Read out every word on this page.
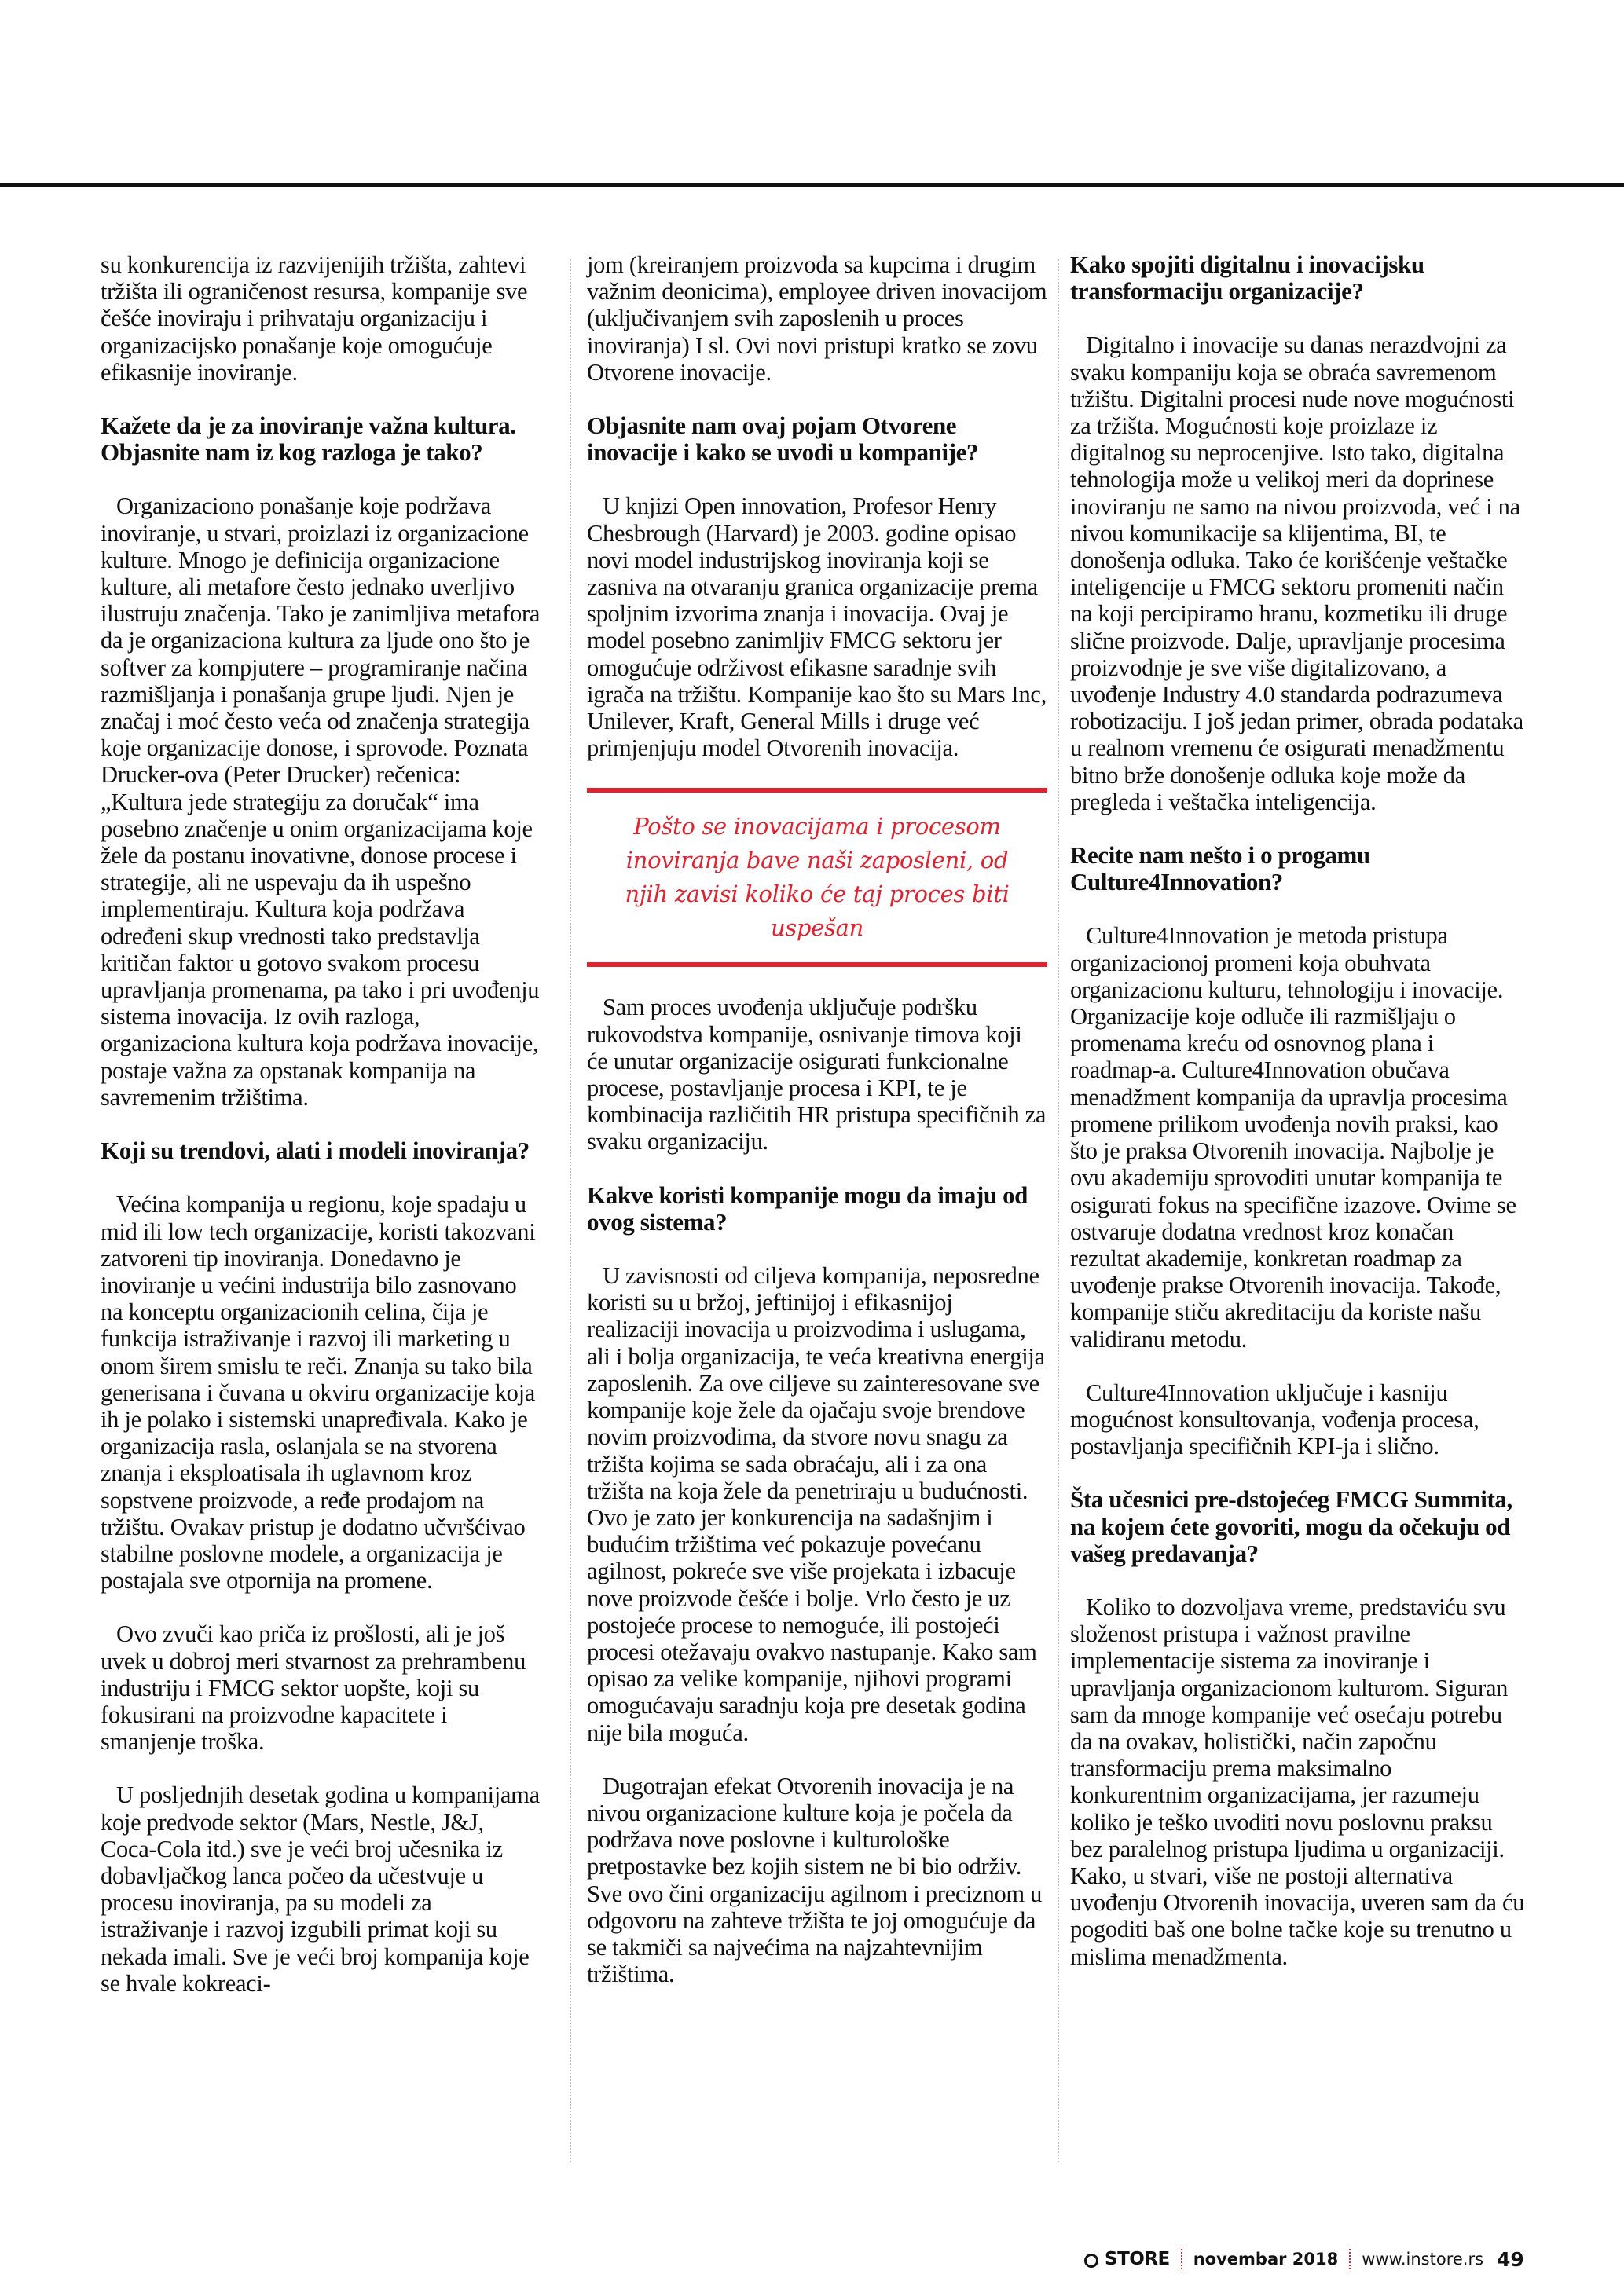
su konkurencija iz razvijenijih tržišta, zahtevi tržišta ili ograničenost resursa, kompanije sve češće inoviraju i prihvataju organizaciju i organizacijsko ponašanje koje omogućuje efikasnije inoviranje.

Kažete da je za inoviranje važna kultura. Objasnite nam iz kog razloga je tako?

Organizaciono ponašanje koje podržava inoviranje, u stvari, proizlazi iz organizacione kulture. Mnogo je definicija organizacione kulture, ali metafore često jednako uverljivo ilustruju značenja. Tako je zanimljiva metafora da je organizaciona kultura za ljude ono što je softver za kompjutere – programiranje načina razmišljanja i ponašanja grupe ljudi. Njen je značaj i moć često veća od značenja strategija koje organizacije donose, i sprovode. Poznata Drucker-ova (Peter Drucker) rečenica: „Kultura jede strategiju za doručak“ ima posebno značenje u onim organizacijama koje žele da postanu inovativne, donose procese i strategije, ali ne uspevaju da ih uspešno implementiraju. Kultura koja podržava određeni skup vrednosti tako predstavlja kritičan faktor u gotovo svakom procesu upravljanja promenama, pa tako i pri uvođenju sistema inovacija. Iz ovih razloga, organizaciona kultura koja podržava inovacije, postaje važna za opstanak kompanija na savremenim tržištima.

Koji su trendovi, alati i modeli inoviranja?

Većina kompanija u regionu, koje spadaju u mid ili low tech organizacije, koristi takozvani zatvoreni tip inoviranja. Donedavno je inoviranje u većini industrija bilo zasnovano na konceptu organizacionih celina, čija je funkcija istraživanje i razvoj ili marketing u onom širem smislu te reči. Znanja su tako bila generisana i čuvana u okviru organizacije koja ih je polako i sistemski unapređivala. Kako je organizacija rasla, oslanjala se na stvorena znanja i eksploatisala ih uglavnom kroz sopstvene proizvode, a ređe prodajom na tržištu. Ovakav pristup je dodatno učvršćivao stabilne poslovne modele, a organizacija je postajala sve otpornija na promene.

Ovo zvuči kao priča iz prošlosti, ali je još uvek u dobroj meri stvarnost za prehrambenu industriju i FMCG sektor uopšte, koji su fokusirani na proizvodne kapacitete i smanjenje troška.

U posljednjih desetak godina u kompanijama koje predvode sektor (Mars, Nestle, J&J, Coca-Cola itd.) sve je veći broj učesnika iz dobavljačkog lanca počeo da učestvuje u procesu inoviranja, pa su modeli za istraživanje i razvoj izgubili primat koji su nekada imali. Sve je veći broj kompanija koje se hvale kokreaci-

jom (kreiranjem proizvoda sa kupcima i drugim važnim deonicima), employee driven inovacijom (uključivanjem svih zaposlenih u proces inoviranja) I sl. Ovi novi pristupi kratko se zovu Otvorene inovacije.

Objasnite nam ovaj pojam Otvorene inovacije i kako se uvodi u kompanije?

U knjizi Open innovation, Profesor Henry Chesbrough (Harvard) je 2003. godine opisao novi model industrijskog inoviranja koji se zasniva na otvaranju granica organizacije prema spoljnim izvorima znanja i inovacija. Ovaj je model posebno zanimljiv FMCG sektoru jer omogućuje održivost efikasne saradnje svih igrača na tržištu. Kompanije kao što su Mars Inc, Unilever, Kraft, General Mills i druge već primjenjuju model Otvorenih inovacija.

Pošto se inovacijama i procesom inoviranja bave naši zaposleni, od njih zavisi koliko će taj proces biti uspešan

Sam proces uvođenja uključuje podršku rukovodstva kompanije, osnivanje timova koji će unutar organizacije osigurati funkcionalne procese, postavljanje procesa i KPI, te je kombinacija različitih HR pristupa specifičnih za svaku organizaciju.

Kakve koristi kompanije mogu da imaju od ovog sistema?

U zavisnosti od ciljeva kompanija, neposredne koristi su u bržoj, jeftinijoj i efikasnijoj realizaciji inovacija u proizvodima i uslugama, ali i bolja organizacija, te veća kreativna energija zaposlenih. Za ove ciljeve su zainteresovane sve kompanije koje žele da ojačaju svoje brendove novim proizvodima, da stvore novu snagu za tržišta kojima se sada obraćaju, ali i za ona tržišta na koja žele da penetriraju u budućnosti. Ovo je zato jer konkurencija na sadašnjim i budućim tržištima već pokazuje povećanu agilnost, pokreće sve više projekata i izbacuje nove proizvode češće i bolje. Vrlo često je uz postojeće procese to nemoguće, ili postojeći procesi otežavaju ovakvo nastupanje. Kako sam opisao za velike kompanije, njihovi programi omogućavaju saradnju koja pre desetak godina nije bila moguća.

Dugotrajan efekat Otvorenih inovacija je na nivou organizacione kulture koja je počela da podržava nove poslovne i kulturološke pretpostavke bez kojih sistem ne bi bio održiv. Sve ovo čini organizaciju agilnom i preciznom u odgovoru na zahteve tržišta te joj omogućuje da se takmiči sa najvećima na najzahtevnijim tržištima.

Kako spojiti digitalnu i inovacijsku transformaciju organizacije?

Digitalno i inovacije su danas nerazdvojni za svaku kompaniju koja se obraća savremenom tržištu. Digitalni procesi nude nove mogućnosti za tržišta. Mogućnosti koje proizlaze iz digitalnog su neprocenjive. Isto tako, digitalna tehnologija može u velikoj meri da doprinese inoviranju ne samo na nivou proizvoda, već i na nivou komunikacije sa klijentima, BI, te donošenja odluka. Tako će korišćenje veštačke inteligencije u FMCG sektoru promeniti način na koji percipiramo hranu, kozmetiku ili druge slične proizvode. Dalje, upravljanje procesima proizvodnje je sve više digitalizovano, a uvođenje Industry 4.0 standarda podrazumeva robotizaciju. I još jedan primer, obrada podataka u realnom vremenu će osigurati menadžmentu bitno brže donošenje odluka koje može da pregleda i veštačka inteligencija.

Recite nam nešto i o progamu Culture4Innovation?

Culture4Innovation je metoda pristupa organizacionoj promeni koja obuhvata organizacionu kulturu, tehnologiju i inovacije. Organizacije koje odluče ili razmišljaju o promenama kreću od osnovnog plana i roadmap-a. Culture4Innovation obučava menadžment kompanija da upravlja procesima promene prilikom uvođenja novih praksi, kao što je praksa Otvorenih inovacija. Najbolje je ovu akademiju sprovoditi unutar kompanija te osigurati fokus na specifične izazove. Ovime se ostvaruje dodatna vrednost kroz konačan rezultat akademije, konkretan roadmap za uvođenje prakse Otvorenih inovacija. Takođe, kompanije stiču akreditaciju da koriste našu validiranu metodu.

Culture4Innovation uključuje i kasniju mogućnost konsultovanja, vođenja procesa, postavljanja specifičnih KPI-ja i slično.

Šta učesnici pre-dstojećeg FMCG Summita, na kojem ćete govoriti, mogu da očekuju od vašeg predavanja?

Koliko to dozvoljava vreme, predstaviću svu složenost pristupa i važnost pravilne implementacije sistema za inoviranje i upravljanja organizacionom kulturom. Siguran sam da mnoge kompanije već osećaju potrebu da na ovakav, holistički, način započnu transformaciju prema maksimalno konkurentnim organizacijama, jer razumeju koliko je teško uvoditi novu poslovnu praksu bez paralelnog pristupa ljudima u organizaciji. Kako, u stvari, više ne postoji alternativa uvođenju Otvorenih inovacija, uveren sam da ću pogoditi baš one bolne tačke koje su trenutno u mislima menadžmenta.

STORE novembar 2018 www.instore.rs 49
